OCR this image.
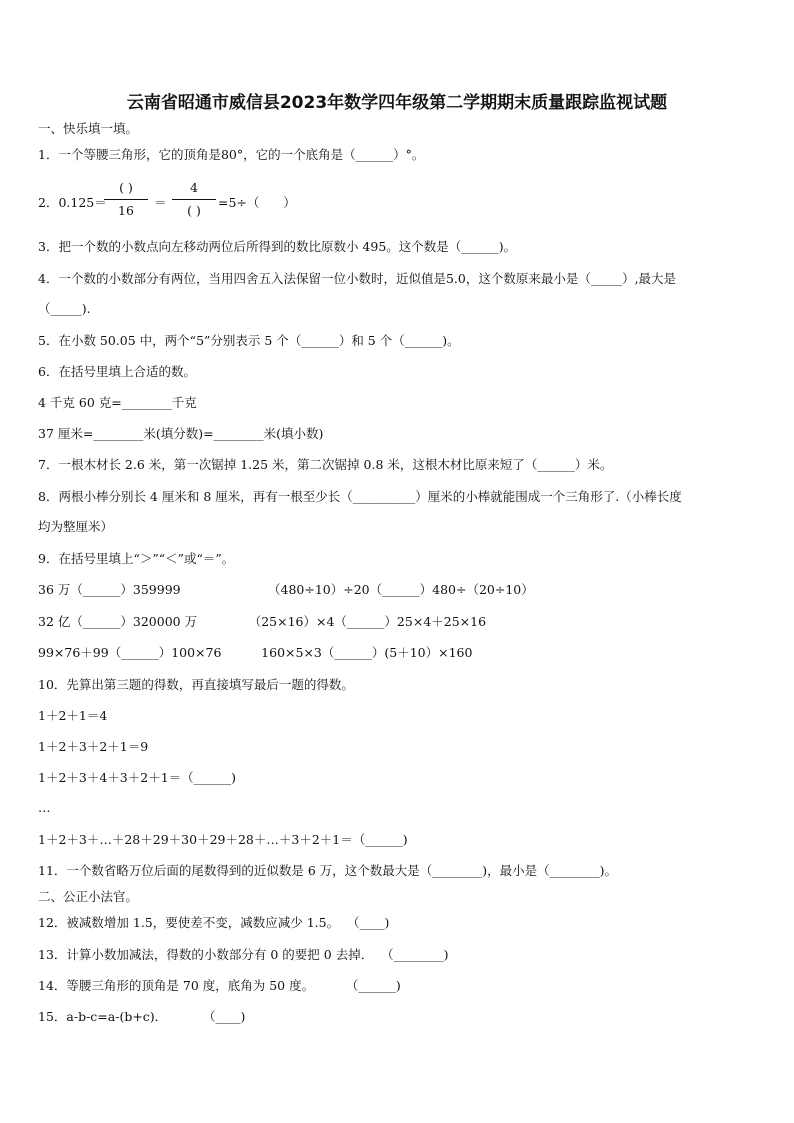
云南省昭通市威信县2023年数学四年级第二学期期末质量跟踪监视试题
一、快乐填一填。
1．一个等腰三角形，它的顶角是80°，它的一个底角是（______）°。
2．0.125＝
( )
16
＝
4
( )
=5÷（      ）
3．把一个数的小数点向左移动两位后所得到的数比原数小 495。这个数是（______)。
4．一个数的小数部分有两位，当用四舍五入法保留一位小数时，近似值是5.0，这个数原来最小是（_____）,最大是
（_____).
5．在小数 50.05 中，两个“5”分别表示 5 个（______）和 5 个（______)。
6．在括号里填上合适的数。
4 千克 60 克=________千克
37 厘米=________米(填分数)=________米(填小数)
7．一根木材长 2.6 米，第一次锯掉 1.25 米，第二次锯掉 0.8 米，这根木材比原来短了（______）米。
8．两根小棒分别长 4 厘米和 8 厘米，再有一根至少长（__________）厘米的小棒就能围成一个三角形了.（小棒长度
均为整厘米）
9．在括号里填上“＞”“＜”或“＝”。
36 万（______）359999                      （480÷10）÷20（______）480÷（20÷10）
32 亿（______）320000 万             （25×16）×4（______）25×4＋25×16
99×76＋99（______）100×76          160×5×3（______）(5＋10）×160
10．先算出第三题的得数，再直接填写最后一题的得数。
1＋2＋1＝4
1＋2＋3＋2＋1＝9
1＋2＋3＋4＋3＋2＋1＝（______)
…
1＋2＋3＋…＋28＋29＋30＋29＋28＋…＋3＋2＋1＝（______)
11．一个数省略万位后面的尾数得到的近似数是 6 万，这个数最大是（________)，最小是（________)。
二、公正小法官。
12．被减数增加 1.5，要使差不变，减数应减少 1.5。  （____)
13．计算小数加减法，得数的小数部分有 0 的要把 0 去掉．  （________)
14．等腰三角形的顶角是 70 度，底角为 50 度。        （______)
15．a-b-c=a-(b+c)．         （____)
